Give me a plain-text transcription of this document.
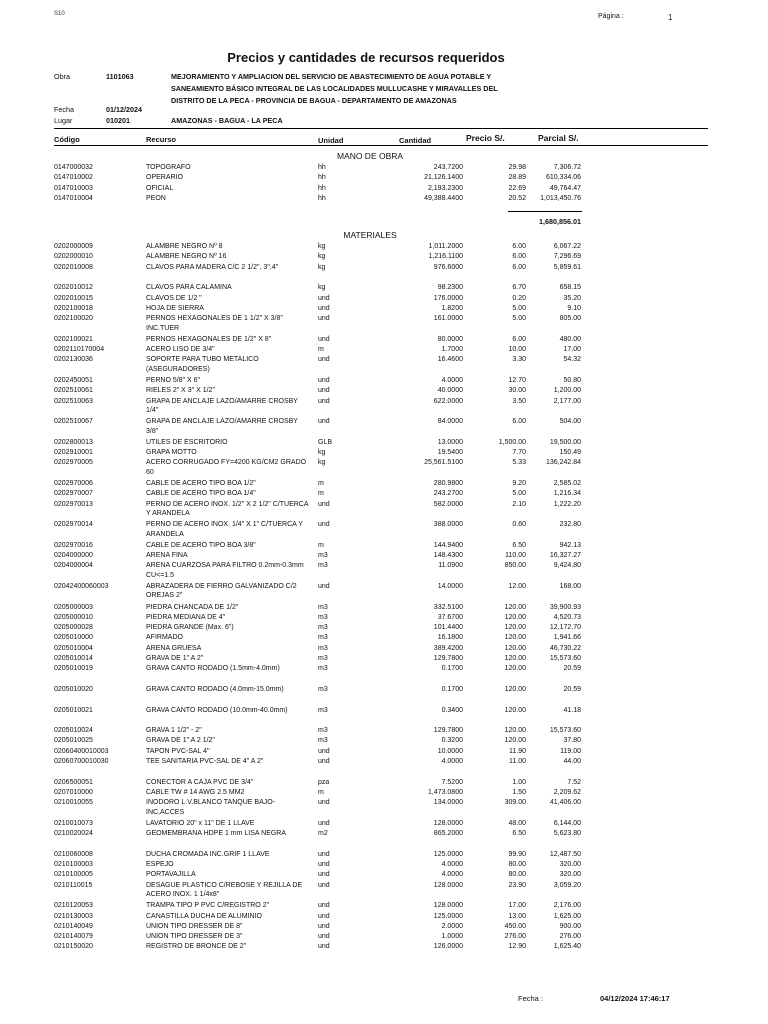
S10	Página :	1
Precios y cantidades de recursos requeridos
Obra	1101063	MEJORAMIENTO Y AMPLIACION DEL SERVICIO DE ABASTECIMIENTO DE AGUA POTABLE Y
SANEAMIENTO BÁSICO INTEGRAL DE LAS LOCALIDADES MULLUCASHE Y MIRAVALLES DEL
DISTRITO DE LA PECA - PROVINCIA DE BAGUA - DEPARTAMENTO DE AMAZONAS
Fecha	01/12/2024
Lugar	010201	AMAZONAS - BAGUA - LA PECA
Código	Recurso	Unidad	Cantidad	Precio S/.	Parcial S/.
MANO DE OBRA
1,680,856.01
MATERIALES
0147000032	TOPOGRAFO	hh	243.7200	29.98	7,306.72
0147010002	OPERARIO	hh	21,126.1400	28.89	610,334.06
0147010003	OFICIAL	hh	2,193.2300	22.69	49,764.47
0147010004	PEON	hh	49,388.4400	20.52 1,013,450.76
0202000009	ALAMBRE NEGRO Nº 8	kg	1,011.2000	6.00	6,067.22
0202000010	ALAMBRE NEGRO Nº 16	kg	1,216.1100	6.00	7,296.69
0202010008	CLAVOS PARA MADERA C/C 2 1/2", 3",4"	kg	976.6000	6.00	5,859.61
0202010012	CLAVOS PARA CALAMINA	kg	98.2300	6.70	658.15
0202010015	CLAVOS DE 1/2 "	und	176.0000	0.20	35.20
0202100018	HOJA DE SIERRA	und	1.8200	5.00	9.10
0202100020	PERNOS HEXAGONALES DE 1 1/2" X 3/8" INC.TUER
und	161.0000	5.00	805.00
0202100021	PERNOS HEXAGONALES DE 1/2" X 8"	und	80.0000	6.00	480.00
0202110170004	ACERO LISO DE 3/4"	m	1.7000	10.00	17.00
0202130036	SOPORTE PARA TUBO METALICO (ASEGURADORES)
und	16.4600	3.30	54.32
0202450051	PERNO 5/8" X 6"	und	4.0000	12.70	50.80
0202510061	RIELES 2" X 3" X 1/2"	und	40.0000	30.00	1,200.00
0202510063	GRAPA DE ANCLAJE LAZO/AMARRE CROSBY 1/4"
und	622.0000	3.50	2,177.00
0202510067	GRAPA DE ANCLAJE LAZO/AMARRE CROSBY 3/8"
und	84.0000	6.00	504.00
0202800013	UTILES DE ESCRITORIO	GLB	13.0000	1,500.00	19,500.00
0202910001	GRAPA MOTTO	kg	19.5400	7.70	150.49
0202970005	ACERO CORRUGADO FY=4200 KG/CM2 GRADO 60
kg	25,561.5100	5.33	136,242.84
0202970006	CABLE DE ACERO TIPO BOA 1/2"	m	280.9800	9.20	2,585.02
0202970007	CABLE DE ACERO TIPO BOA 1/4"	m	243.2700	5.00	1,216.34
0202970013	PERNO DE ACERO INOX. 1/2" X 2 1/2" C/TUERCA Y ARANDELA
und	582.0000	2.10	1,222.20
0202970014	PERNO DE ACERO INOX. 1/4" X 1" C/TUERCA Y ARANDELA
und	388.0000	0.60	232.80
0202970016	CABLE DE ACERO TIPO BOA 3/8"	m	144.9400	6.50	942.13
0204000000	ARENA FINA	m3	148.4300	110.00	16,327.27
0204000004	ARENA CUARZOSA PARA FILTRO 0.2mm-0.3mm CU<=1.5
m3	11.0900	850.00	9,424.80
02042400060003	ABRAZADERA DE FIERRO GALVANIZADO C/2 OREJAS 2"
und	14.0000	12.00	168.00
0205000003	PIEDRA CHANCADA DE 1/2"	m3	332.5100	120.00	39,900.93
0205000010	PIEDRA MEDIANA DE 4"	m3	37.6700	120.00	4,520.73
0205000028	PIEDRA GRANDE (Max. 6")	m3	101.4400	120.00	12,172.70
0205010000	AFIRMADO	m3	16.1800	120.00	1,941.66
0205010004	ARENA GRUESA	m3	389.4200	120.00	46,730.22
0205010014	GRAVA DE 1" A 2"	m3	129.7800	120.00	15,573.60
0205010019	GRAVA CANTO RODADO (1.5mm-4.0mm)	m3	0.1700	120.00	20.59
0205010020	GRAVA CANTO RODADO (4.0mm-15.0mm)	m3	0.1700	120.00	20.59
0205010021	GRAVA CANTO RODADO (10.0mm-40.0mm)	m3	0.3400	120.00	41.18
0205010024	GRAVA 1 1/2" - 2"	m3	129.7800	120.00	15,573.60
0205010025	GRAVA DE 1" A 2 1/2"	m3	0.3200	120.00	37.80
02060400010003	TAPON PVC-SAL 4"	und	10.0000	11.90	119.00
02060700010030	TEE SANITARIA PVC-SAL DE 4" A 2"	und	4.0000	11.00	44.00
0206500051	CONECTOR A CAJA PVC DE 3/4"	pza	7.5200	1.00	7.52
0207010000	CABLE TW # 14 AWG 2.5 MM2	m	1,473.0800	1.50	2,209.62
0210010055	INODORO L.V.BLANCO TANQUE BAJO-INC,ACCES
und	134.0000	309.00	41,406.00
0210010073	LAVATORIO 20" x 11" DE 1 LLAVE	und	128.0000	48.00	6,144.00
0210020024	GEOMEMBRANA HDPE 1 mm LISA NEGRA	m2	865.2000	6.50	5,623.80
0210060008	DUCHA CROMADA INC.GRIF 1 LLAVE	und	125.0000	99.90	12,487.50
0210100003	ESPEJO	und	4.0000	80.00	320.00
0210100005	PORTAVAJILLA	und	4.0000	80.00	320.00
0210110015	DESAGUE PLASTICO C/REBOSE Y REJILLA DE ACERO INOX. 1 1/4x8"
und	128.0000	23.90	3,059.20
0210120053	TRAMPA TIPO P PVC C/REGISTRO 2"	und	128.0000	17.00	2,176.00
0210130003	CANASTILLA DUCHA DE ALUMINIO	und	125.0000	13.00	1,625.00
0210140049	UNION TIPO DRESSER DE 8"	und	2.0000	450.00	900.00
0210140079	UNION TIPO DRESSER DE 3"	und	1.0000	276.00	276.00
0210150020	REGISTRO DE BRONCE DE 2"	und	126.0000	12.90	1,625.40
Fecha :	04/12/2024 17:46:17
